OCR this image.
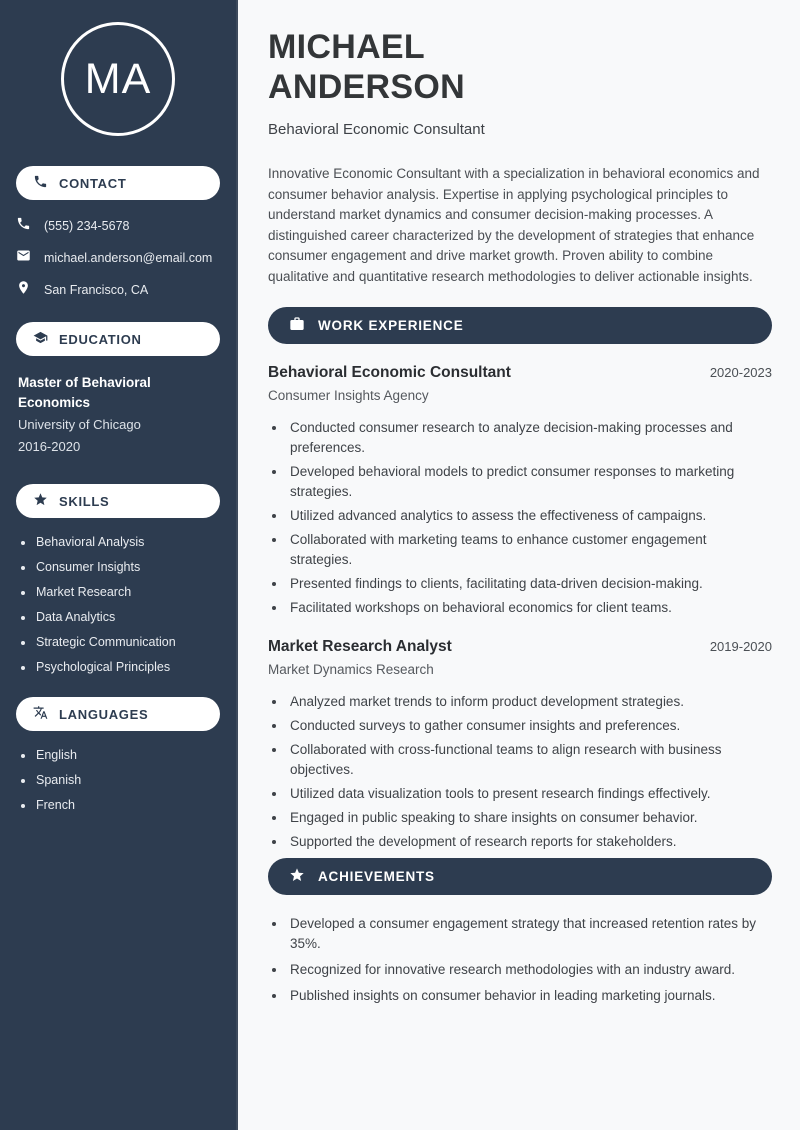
MA
CONTACT
(555) 234-5678
michael.anderson@email.com
San Francisco, CA
EDUCATION
Master of Behavioral Economics
University of Chicago
2016-2020
SKILLS
Behavioral Analysis
Consumer Insights
Market Research
Data Analytics
Strategic Communication
Psychological Principles
LANGUAGES
English
Spanish
French
MICHAEL
ANDERSON
Behavioral Economic Consultant

Innovative Economic Consultant with a specialization in behavioral economics and consumer behavior analysis. Expertise in applying psychological principles to understand market dynamics and consumer decision-making processes. A distinguished career characterized by the development of strategies that enhance consumer engagement and drive market growth. Proven ability to combine qualitative and quantitative research methodologies to deliver actionable insights.

WORK EXPERIENCE
Behavioral Economic Consultant	2020-2023
Consumer Insights Agency
• Conducted consumer research to analyze decision-making processes and preferences.
• Developed behavioral models to predict consumer responses to marketing strategies.
• Utilized advanced analytics to assess the effectiveness of campaigns.
• Collaborated with marketing teams to enhance customer engagement strategies.
• Presented findings to clients, facilitating data-driven decision-making.
• Facilitated workshops on behavioral economics for client teams.
Market Research Analyst	2019-2020
Market Dynamics Research
• Analyzed market trends to inform product development strategies.
• Conducted surveys to gather consumer insights and preferences.
• Collaborated with cross-functional teams to align research with business objectives.
• Utilized data visualization tools to present research findings effectively.
• Engaged in public speaking to share insights on consumer behavior.
• Supported the development of research reports for stakeholders.
ACHIEVEMENTS
• Developed a consumer engagement strategy that increased retention rates by 35%.
• Recognized for innovative research methodologies with an industry award.
• Published insights on consumer behavior in leading marketing journals.
